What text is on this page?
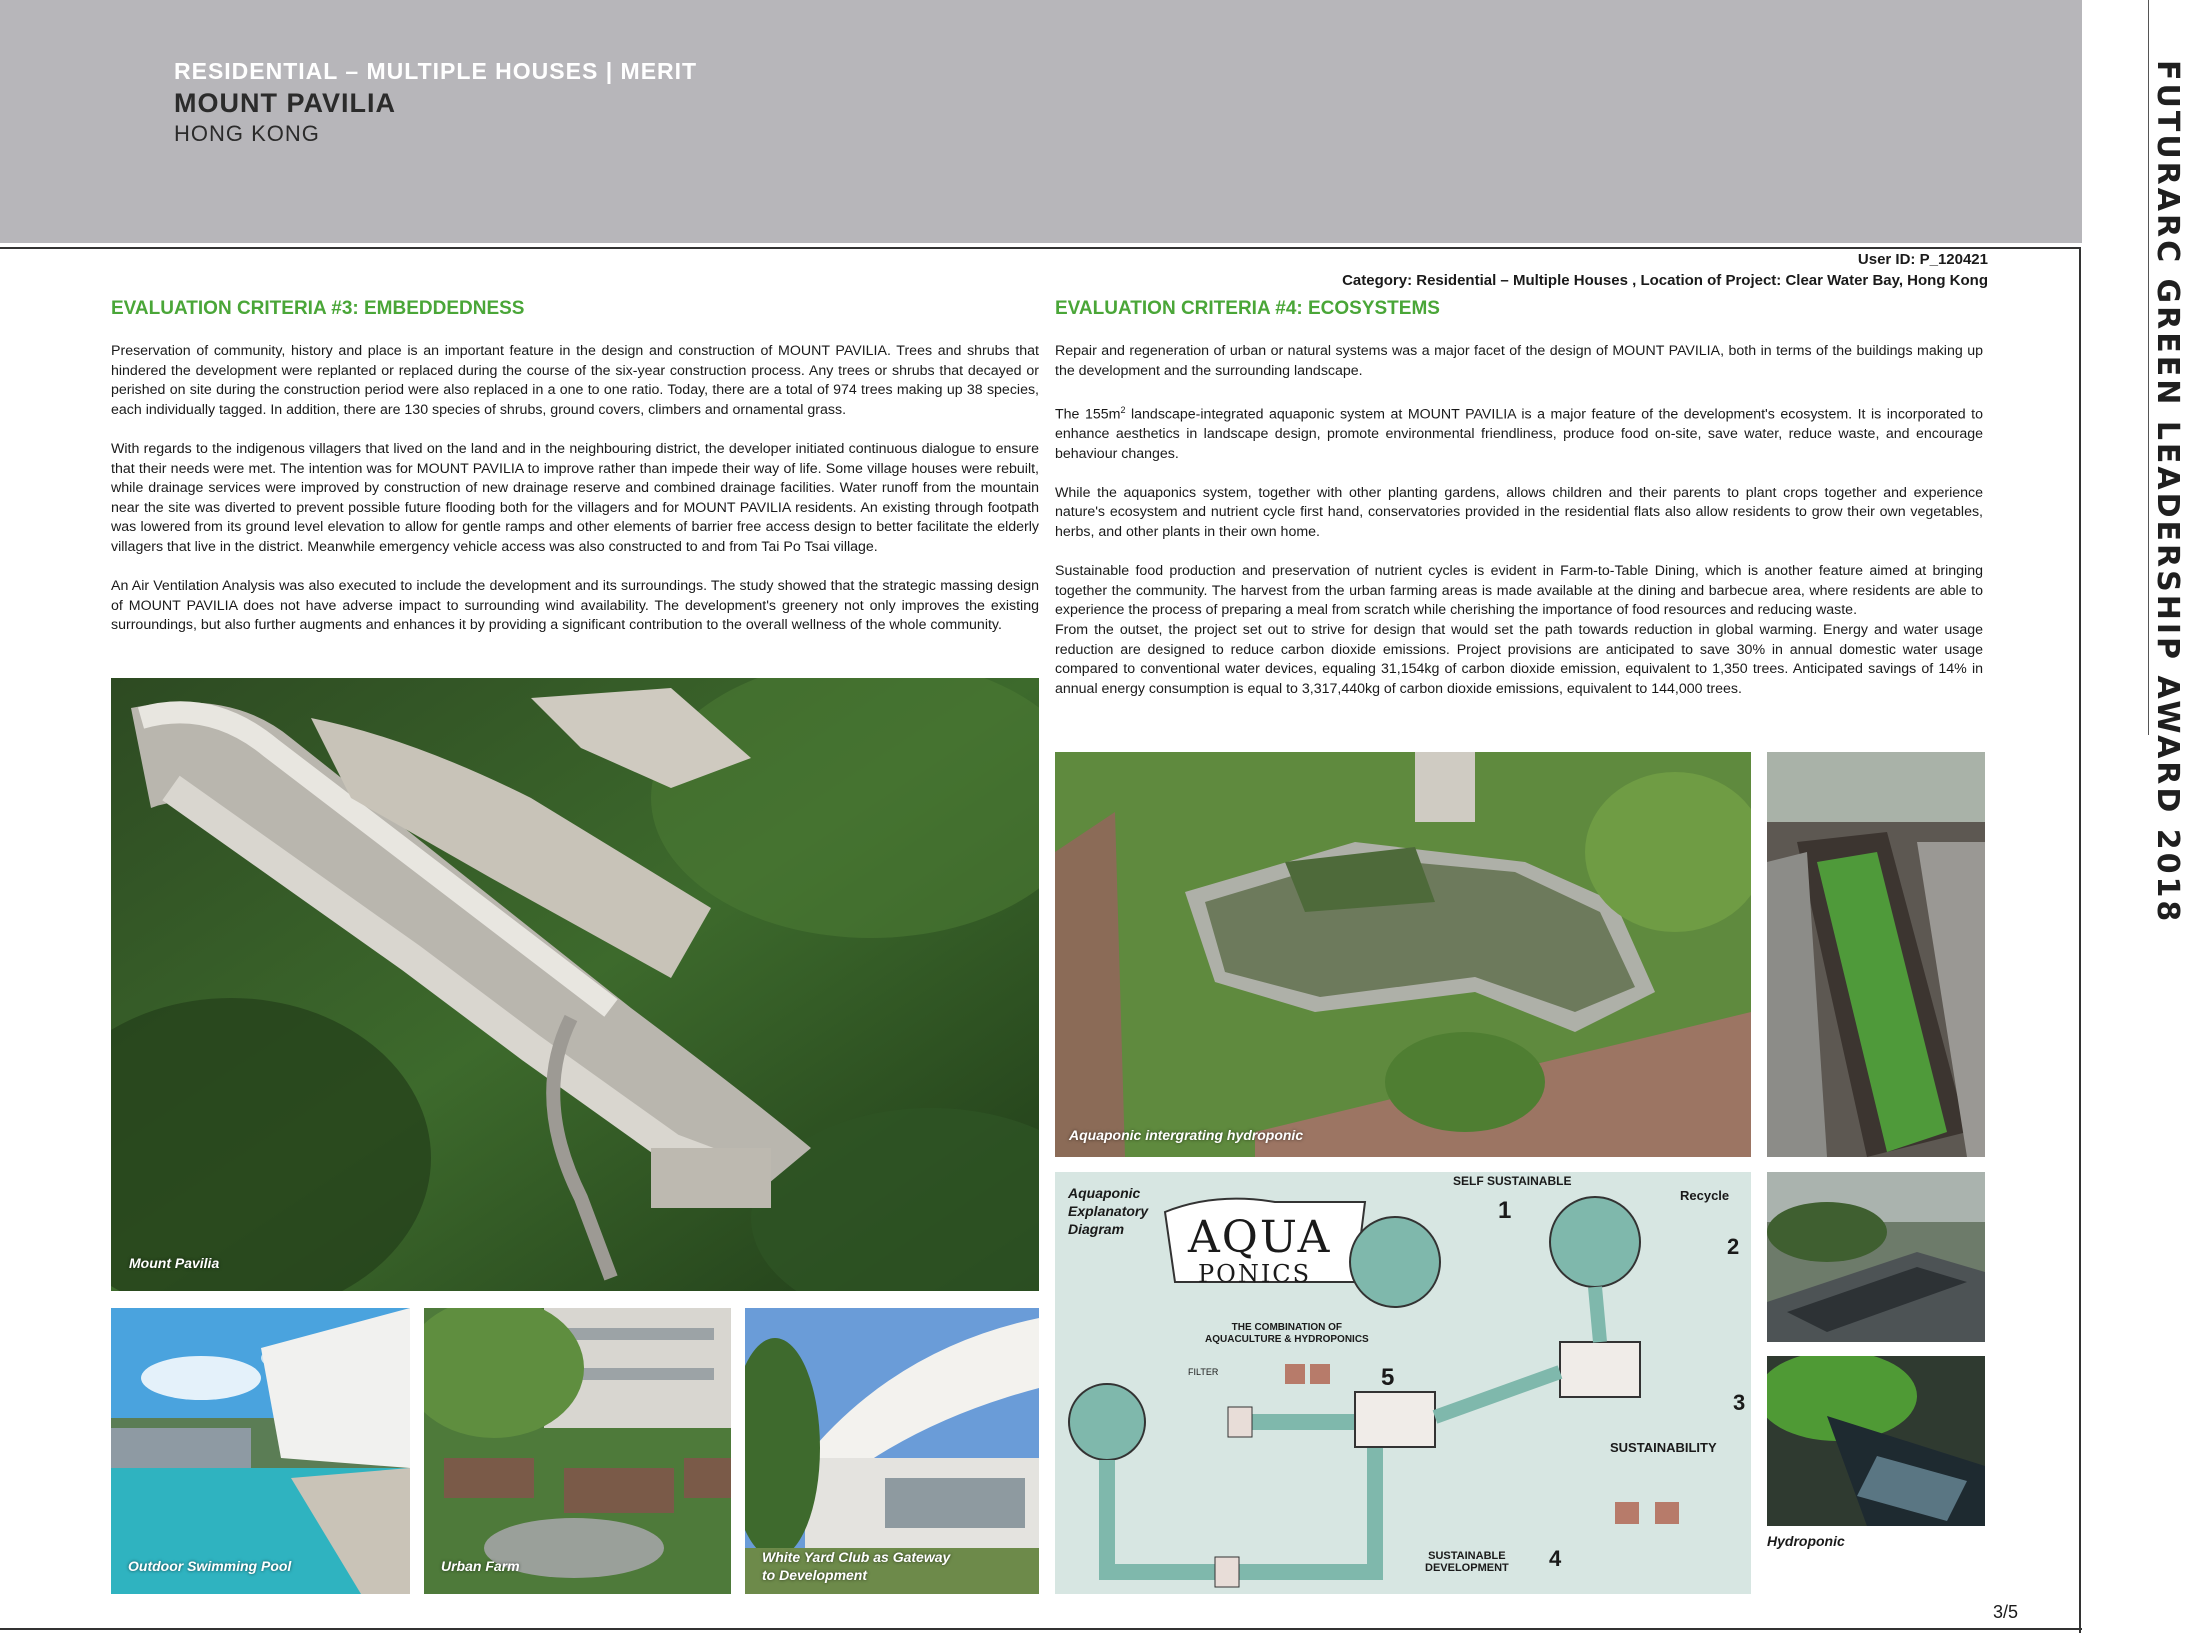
RESIDENTIAL – MULTIPLE HOUSES | MERIT
MOUNT PAVILIA
HONG KONG	FUTURARC GREEN LEADERSHIP AWARD 2018
User ID: P_120421
Category: Residential – Multiple Houses , Location of Project: Clear Water Bay, Hong Kong
EVALUATION CRITERIA #3: EMBEDDEDNESS

Preservation of community, history and place is an important feature in the design and construction of MOUNT PAVILIA. Trees and shrubs that hindered the development were replanted or replaced during the course of the six-year construction process. Any trees or shrubs that decayed or perished on site during the construction period were also replaced in a one to one ratio. Today, there are a total of 974 trees making up 38 species, each individually tagged. In addition, there are 130 species of shrubs, ground covers, climbers and ornamental grass.

With regards to the indigenous villagers that lived on the land and in the neighbouring district, the developer initiated continuous dialogue to ensure that their needs were met. The intention was for MOUNT PAVILIA to improve rather than impede their way of life. Some village houses were rebuilt, while drainage services were improved by construction of new drainage reserve and combined drainage facilities. Water runoff from the mountain near the site was diverted to prevent possible future flooding both for the villagers and for MOUNT PAVILIA residents. An existing through footpath was lowered from its ground level elevation to allow for gentle ramps and other elements of barrier free access design to better facilitate the elderly villagers that live in the district. Meanwhile emergency vehicle access was also constructed to and from Tai Po Tsai village.

An Air Ventilation Analysis was also executed to include the development and its surroundings. The study showed that the strategic massing design of MOUNT PAVILIA does not have adverse impact to surrounding wind availability. The development's greenery not only improves the existing surroundings, but also further augments and enhances it by providing a significant contribution to the overall wellness of the whole community.

EVALUATION CRITERIA #4: ECOSYSTEMS

Repair and regeneration of urban or natural systems was a major facet of the design of MOUNT PAVILIA, both in terms of the buildings making up the development and the surrounding landscape.

The $155m^2$ landscape-integrated aquaponic system at MOUNT PAVILIA is a major feature of the development's ecosystem. It is incorporated to enhance aesthetics in landscape design, promote environmental friendliness, produce food on-site, save water, reduce waste, and encourage behaviour changes.

While the aquaponics system, together with other planting gardens, allows children and their parents to plant crops together and experience nature's ecosystem and nutrient cycle first hand, conservatories provided in the residential flats also allow residents to grow their own vegetables, herbs, and other plants in their own home.

Sustainable food production and preservation of nutrient cycles is evident in Farm-to-Table Dining, which is another feature aimed at bringing together the community. The harvest from the urban farming areas is made available at the dining and barbecue area, where residents are able to experience the process of preparing a meal from scratch while cherishing the importance of food resources and reducing waste.

From the outset, the project set out to strive for design that would set the path towards reduction in global warming. Energy and water usage reduction are designed to reduce carbon dioxide emissions. Project provisions are anticipated to save 30% in annual domestic water usage compared to conventional water devices, equaling 31,154kg of carbon dioxide emission, equivalent to 1,350 trees. Anticipated savings of 14% in annual energy consumption is equal to 3,317,440kg of carbon dioxide emissions, equivalent to 144,000 trees.

Mount Pavilia
Outdoor Swimming Pool	Urban Farm
White Yard Club as Gateway
to Development
Aquaponic intergrating hydroponic
Hydroponic
Aquaponic
Explanatory
Diagram	AQUA
PONICS
THE COMBINATION OF
AQUACULTURE & HYDROPONICS
FILTER
SELF SUSTAINABLE
Recycle
SUSTAINABILITY
SUSTAINABLE
DEVELOPMENT
1
2
3
4
5
3/5
